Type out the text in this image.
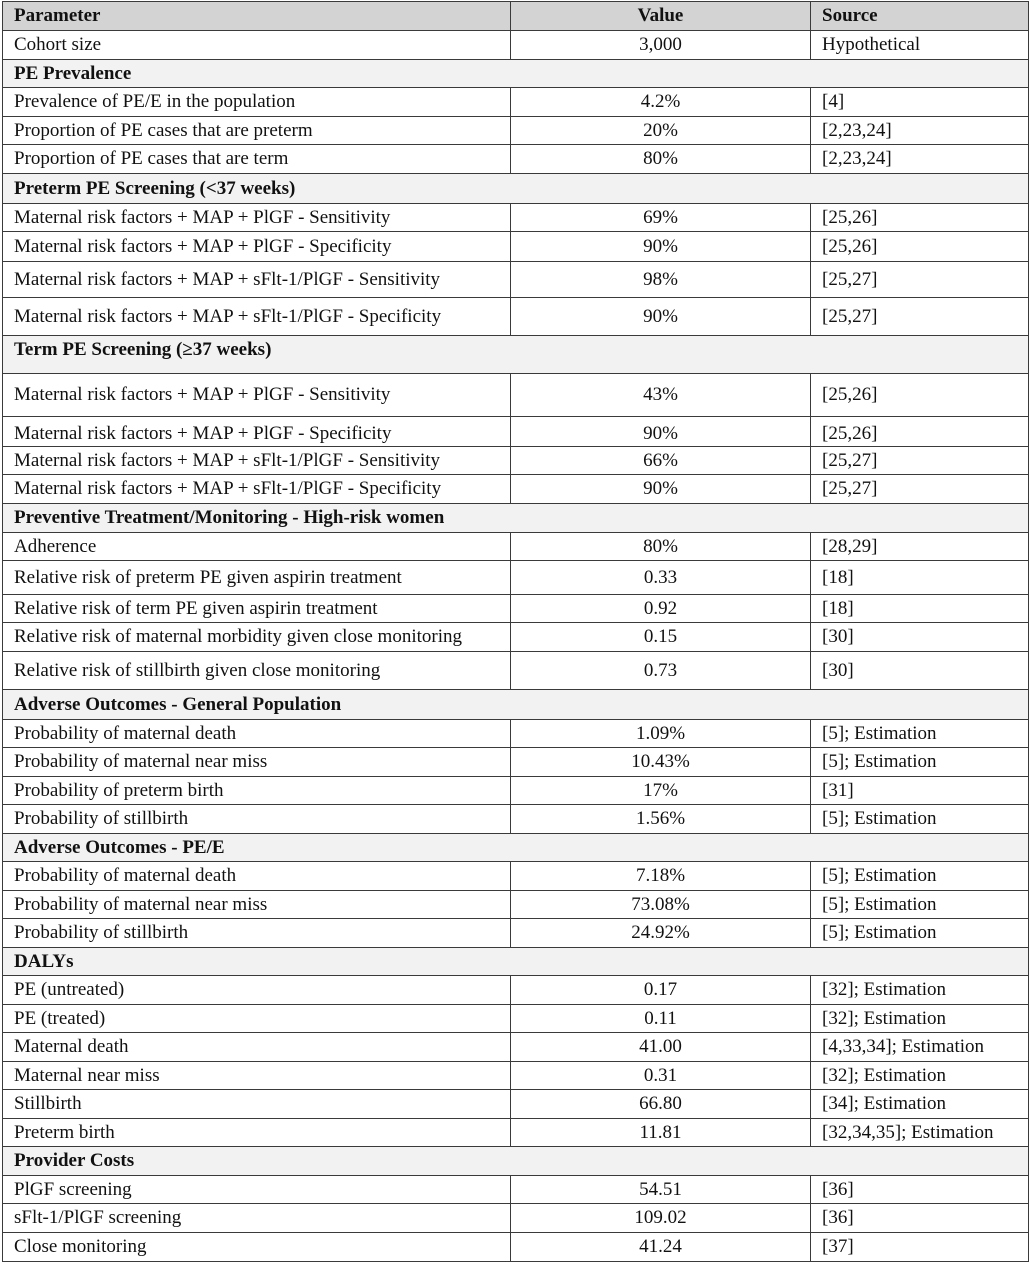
Parameter	Value	Source
Cohort size	3,000	Hypothetical
PE Prevalence		
Prevalence of PE/E in the population	4.2%	[4]
Proportion of PE cases that are preterm	20%	[2,23,24]
Proportion of PE cases that are term	80%	[2,23,24]
Preterm PE Screening (<37 weeks)		
Maternal risk factors + MAP + PlGF - Sensitivity	69%	[25,26]
Maternal risk factors + MAP + PlGF - Specificity	90%	[25,26]
Maternal risk factors + MAP + sFlt-1/PlGF - Sensitivity	98%	[25,27]
Maternal risk factors + MAP + sFlt-1/PlGF - Specificity	90%	[25,27]
Term PE Screening (≥37 weeks)		
Maternal risk factors + MAP + PlGF - Sensitivity	43%	[25,26]
Maternal risk factors + MAP + PlGF - Specificity	90%	[25,26]
Maternal risk factors + MAP + sFlt-1/PlGF - Sensitivity	66%	[25,27]
Maternal risk factors + MAP + sFlt-1/PlGF - Specificity	90%	[25,27]
Preventive Treatment/Monitoring - High-risk women		
Adherence	80%	[28,29]
Relative risk of preterm PE given aspirin treatment	0.33	[18]
Relative risk of term PE given aspirin treatment	0.92	[18]
Relative risk of maternal morbidity given close monitoring	0.15	[30]
Relative risk of stillbirth given close monitoring	0.73	[30]
Adverse Outcomes - General Population		
Probability of maternal death	1.09%	[5]; Estimation
Probability of maternal near miss	10.43%	[5]; Estimation
Probability of preterm birth	17%	[31]
Probability of stillbirth	1.56%	[5]; Estimation
Adverse Outcomes - PE/E		
Probability of maternal death	7.18%	[5]; Estimation
Probability of maternal near miss	73.08%	[5]; Estimation
Probability of stillbirth	24.92%	[5]; Estimation
DALYs		
PE (untreated)	0.17	[32]; Estimation
PE (treated)	0.11	[32]; Estimation
Maternal death	41.00	[4,33,34]; Estimation
Maternal near miss	0.31	[32]; Estimation
Stillbirth	66.80	[34]; Estimation
Preterm birth	11.81	[32,34,35]; Estimation
Provider Costs		
PlGF screening	54.51	[36]
sFlt-1/PlGF screening	109.02	[36]
Close monitoring	41.24	[37]
